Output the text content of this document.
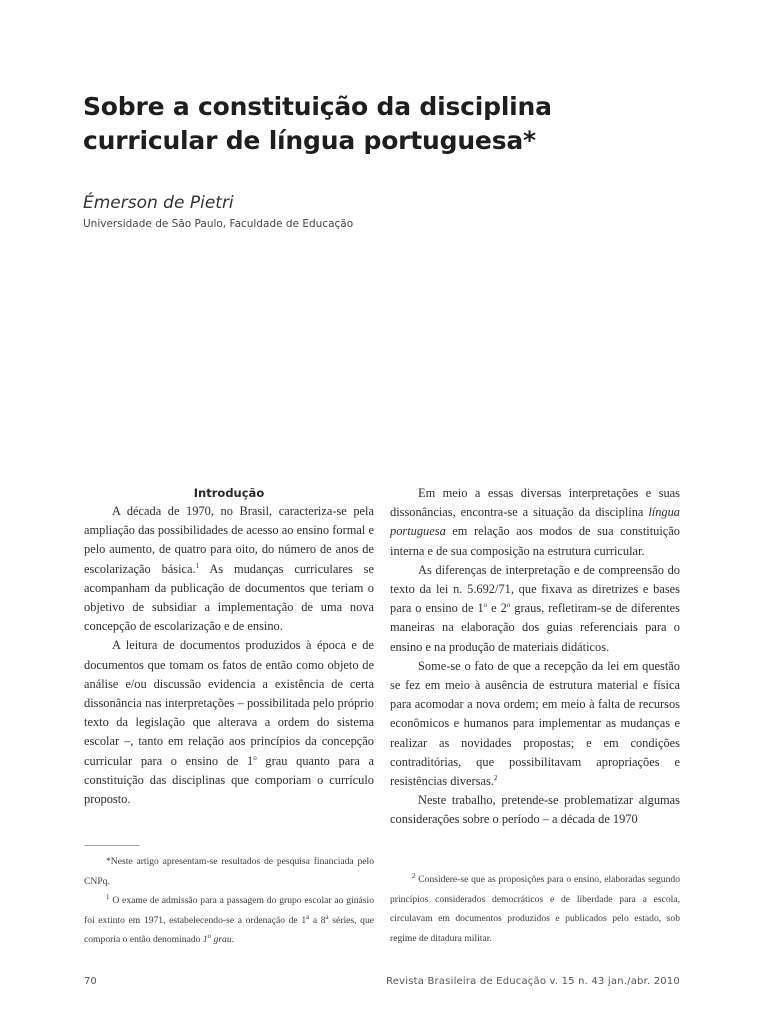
Sobre a constituição da disciplina curricular de língua portuguesa*
Émerson de Pietri
Universidade de São Paulo, Faculdade de Educação

Introdução

A década de 1970, no Brasil, caracteriza-se pela ampliação das possibilidades de acesso ao ensino formal e pelo aumento, de quatro para oito, do número de anos de escolarização básica.$^1$ As mudanças curriculares se acompanham da publicação de documentos que teriam o objetivo de subsidiar a implementação de uma nova concepção de escolarização e de ensino.

A leitura de documentos produzidos à época e de documentos que tomam os fatos de então como objeto de análise e/ou discussão evidencia a existência de certa dissonância nas interpretações – possibilitada pelo próprio texto da legislação que alterava a ordem do sistema escolar –, tanto em relação aos princípios da concepção curricular para o ensino de 1$^o$ grau quanto para a constituição das disciplinas que comporiam o currículo proposto.

Em meio a essas diversas interpretações e suas dissonâncias, encontra-se a situação da disciplina língua portuguesa em relação aos modos de sua constituição interna e de sua composição na estrutura curricular.

As diferenças de interpretação e de compreensão do texto da lei n. 5.692/71, que fixava as diretrizes e bases para o ensino de 1$^o$ e 2$^o$ graus, refletiram-se de diferentes maneiras na elaboração dos guias referenciais para o ensino e na produção de materiais didáticos.

Some-se o fato de que a recepção da lei em questão se fez em meio à ausência de estrutura material e física para acomodar a nova ordem; em meio à falta de recursos econômicos e humanos para implementar as mudanças e realizar as novidades propostas; e em condições contraditórias, que possibilitavam apropriações e resistências diversas.$^2$

Neste trabalho, pretende-se problematizar algumas considerações sobre o período – a década de 1970

*Neste artigo apresentam-se resultados de pesquisa financiada pelo CNPq.

$^1$ O exame de admissão para a passagem do grupo escolar ao ginásio foi extinto em 1971, estabelecendo-se a ordenação de 1$^a$ a 8$^a$ séries, que comporia o então denominado 1$^o$ grau.

$^2$ Considere-se que as proposições para o ensino, elaboradas segundo princípios considerados democráticos e de liberdade para a escola, circulavam em documentos produzidos e publicados pelo estado, sob regime de ditadura militar.

70	Revista Brasileira de Educação v. 15 n. 43 jan./abr. 2010
